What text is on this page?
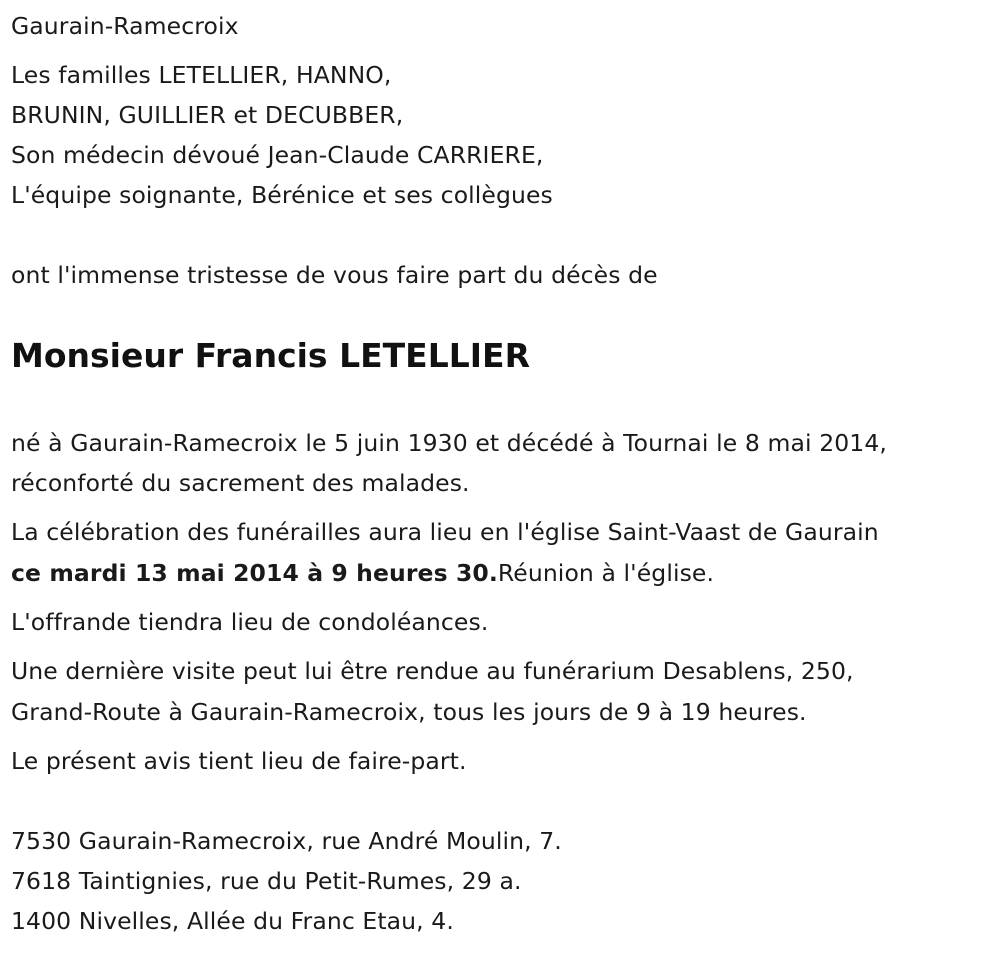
Gaurain-Ramecroix
Les familles LETELLIER, HANNO,
BRUNIN, GUILLIER et DECUBBER,
Son médecin dévoué Jean-Claude CARRIERE,
L'équipe soignante, Bérénice et ses collègues
ont l'immense tristesse de vous faire part du décès de
Monsieur Francis LETELLIER
né à Gaurain-Ramecroix le 5 juin 1930 et décédé à Tournai le 8 mai 2014,
réconforté du sacrement des malades.
La célébration des funérailles aura lieu en l'église Saint-Vaast de Gaurain
ce mardi 13 mai 2014 à 9 heures 30.Réunion à l'église.
L'offrande tiendra lieu de condoléances.
Une dernière visite peut lui être rendue au funérarium Desablens, 250,
Grand-Route à Gaurain-Ramecroix, tous les jours de 9 à 19 heures.
Le présent avis tient lieu de faire-part.
7530 Gaurain-Ramecroix, rue André Moulin, 7.
7618 Taintignies, rue du Petit-Rumes, 29 a.
1400 Nivelles, Allée du Franc Etau, 4.
